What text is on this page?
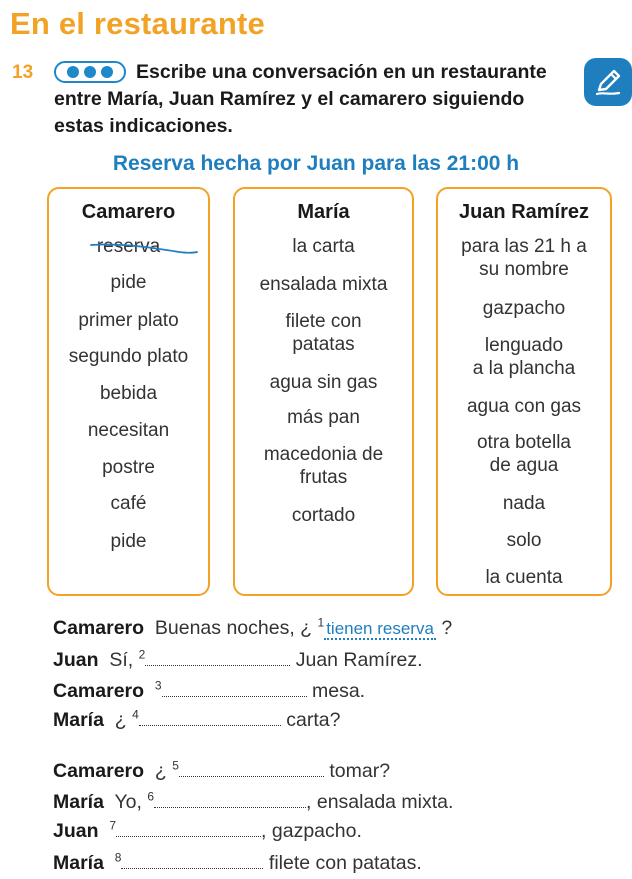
En el restaurante
13	Escribe una conversación en un restaurante entre María, Juan Ramírez y el camarero siguiendo estas indicaciones.
Reserva hecha por Juan para las 21:00 h
Camarero
reserva
pide
primer plato
segundo plato
bebida
necesitan
postre
café
pide
María
la carta
ensalada mixta
filete con
patatas
agua sin gas
más pan
macedonia de
frutas
cortado
Juan Ramírez
para las 21 h a
su nombre
gazpacho
lenguado
a la plancha
agua con gas
otra botella
de agua
nada
solo
la cuenta
Camarero Buenas noches, ¿ $^1$ tienen reserva ?
Juan Sí, $^2$	Juan Ramírez.
Camarero $^3$	mesa.
María ¿ $^4$	carta?
Camarero ¿ $^5$	tomar?
María Yo, $^6$	, ensalada mixta.
Juan $^7$	, gazpacho.
María $^8$	filete con patatas.
